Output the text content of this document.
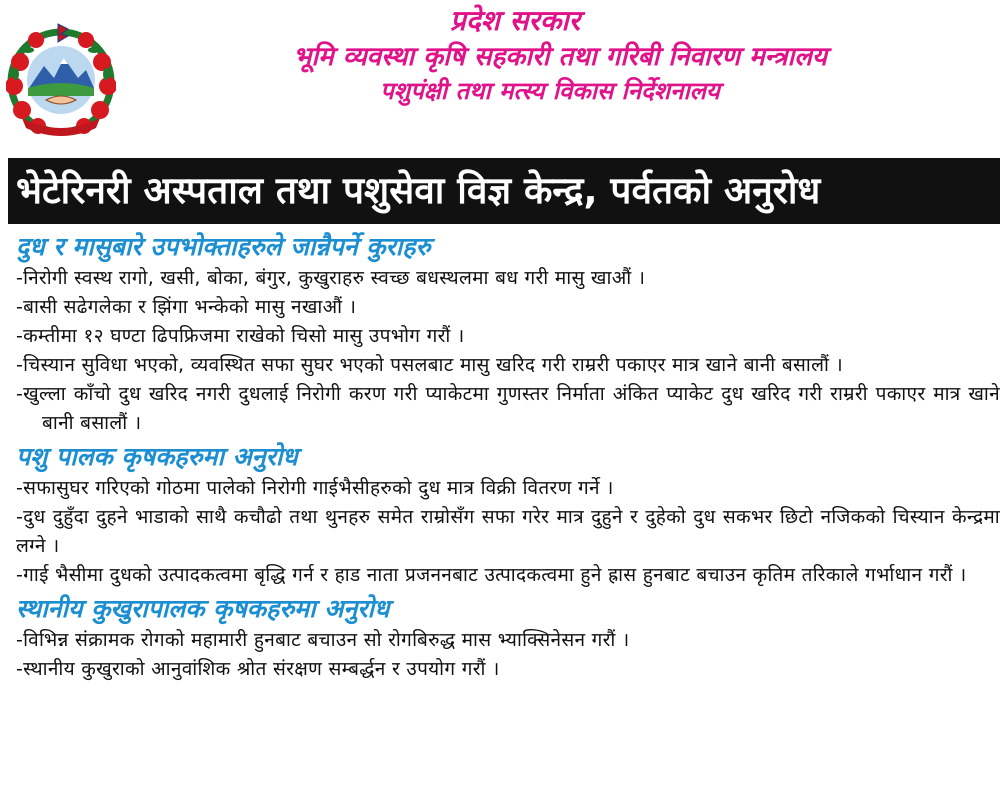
प्रदेश सरकार
भूमि व्यवस्था कृषि सहकारी तथा गरिबी निवारण मन्त्रालय
पशुपंक्षी तथा मत्स्य विकास निर्देशनालय
भेटेरिनरी अस्पताल तथा पशुसेवा विज्ञ केन्द्र, पर्वतको अनुरोध
दुध र मासुबारे उपभोक्ताहरुले जान्नैपर्ने कुराहरु

-निरोगी स्वस्थ रागो, खसी, बोका, बंगुर, कुखुराहरु स्वच्छ बधस्थलमा बध गरी मासु खाऔं ।

-बासी सढेगलेका र झिंगा भन्केको मासु नखाऔं ।

-कम्तीमा १२ घण्टा ढिपफ्रिजमा राखेको चिसो मासु उपभोग गरौं ।

-चिस्यान सुविधा भएको, व्यवस्थित सफा सुघर भएको पसलबाट मासु खरिद गरी राम्ररी पकाएर मात्र खाने बानी बसालौं ।

-खुल्ला काँचो दुध खरिद नगरी दुधलाई निरोगी करण गरी प्याकेटमा गुणस्तर निर्माता अंकित प्याकेट दुध खरिद गरी राम्ररी पकाएर मात्र खाने बानी बसालौं ।

पशु पालक कृषकहरुमा अनुरोध

-सफासुघर गरिएको गोठमा पालेको निरोगी गाईभैसीहरुको दुध मात्र विक्री वितरण गर्ने ।

-दुध दुहुँदा दुहने भाडाको साथै कचौढो तथा थुनहरु समेत राम्रोसँग सफा गरेर मात्र दुहुने र दुहेको दुध सकभर छिटो नजिकको चिस्यान केन्द्रमा लग्ने ।

-गाई भैसीमा दुधको उत्पादकत्वमा बृद्धि गर्न र हाड नाता प्रजननबाट उत्पादकत्वमा हुने ह्रास हुनबाट बचाउन कृतिम तरिकाले गर्भाधान गरौं ।

स्थानीय कुखुरापालक कृषकहरुमा अनुरोध

-विभिन्न संक्रामक रोगको महामारी हुनबाट बचाउन सो रोगबिरुद्ध मास भ्याक्सिनेसन गरौं ।

-स्थानीय कुखुराको आनुवांशिक श्रोत संरक्षण सम्बर्द्धन र उपयोग गरौं ।
